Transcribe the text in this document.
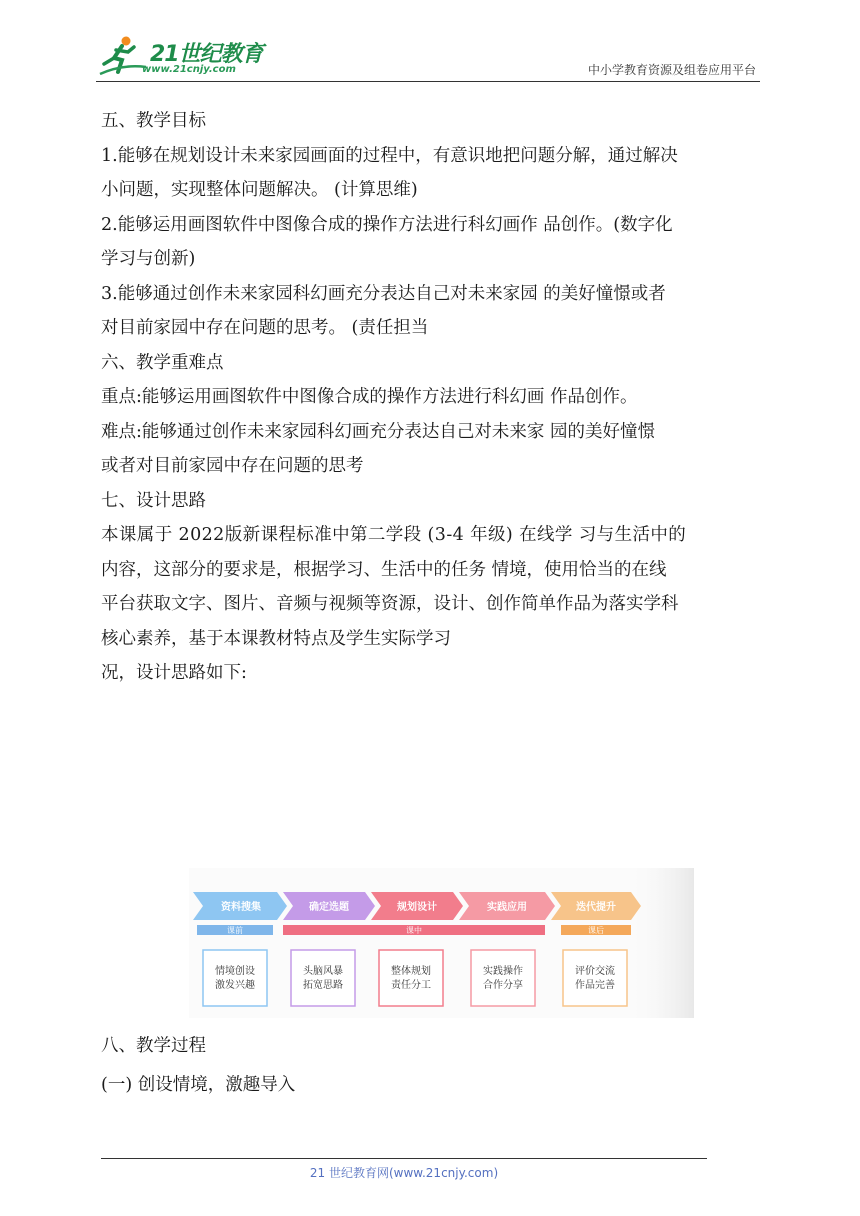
21世纪教育
www.21cnjy.com	中小学教育资源及组卷应用平台

五、教学目标

1.能够在规划设计未来家园画面的过程中，有意识地把问题分解，通过解决

小问题，实现整体问题解决。 (计算思维)

2.能够运用画图软件中图像合成的操作方法进行科幻画作 品创作。(数字化

学习与创新)

3.能够通过创作未来家园科幻画充分表达自己对未来家园 的美好憧憬或者

对目前家园中存在问题的思考。 (责任担当

六、教学重难点

重点:能够运用画图软件中图像合成的操作方法进行科幻画 作品创作。

难点:能够通过创作未来家园科幻画充分表达自己对未来家 园的美好憧憬

或者对目前家园中存在问题的思考

七、设计思路

本课属于 2022版新课程标准中第二学段 (3-4 年级) 在线学 习与生活中的

内容，这部分的要求是，根据学习、生活中的任务 情境，使用恰当的在线

平台获取文字、图片、音频与视频等资源，设计、创作简单作品为落实学科

核心素养，基于本课教材特点及学生实际学习

况，设计思路如下:

资料搜集	确定选题	规划设计	实践应用	迭代提升
课前	课中	课后
情境创设
激发兴趣
头脑风暴
拓宽思路
整体规划
责任分工
实践操作
合作分享
评价交流
作品完善

八、教学过程

(一) 创设情境，激趣导入

21 世纪教育网(www.21cnjy.com)
